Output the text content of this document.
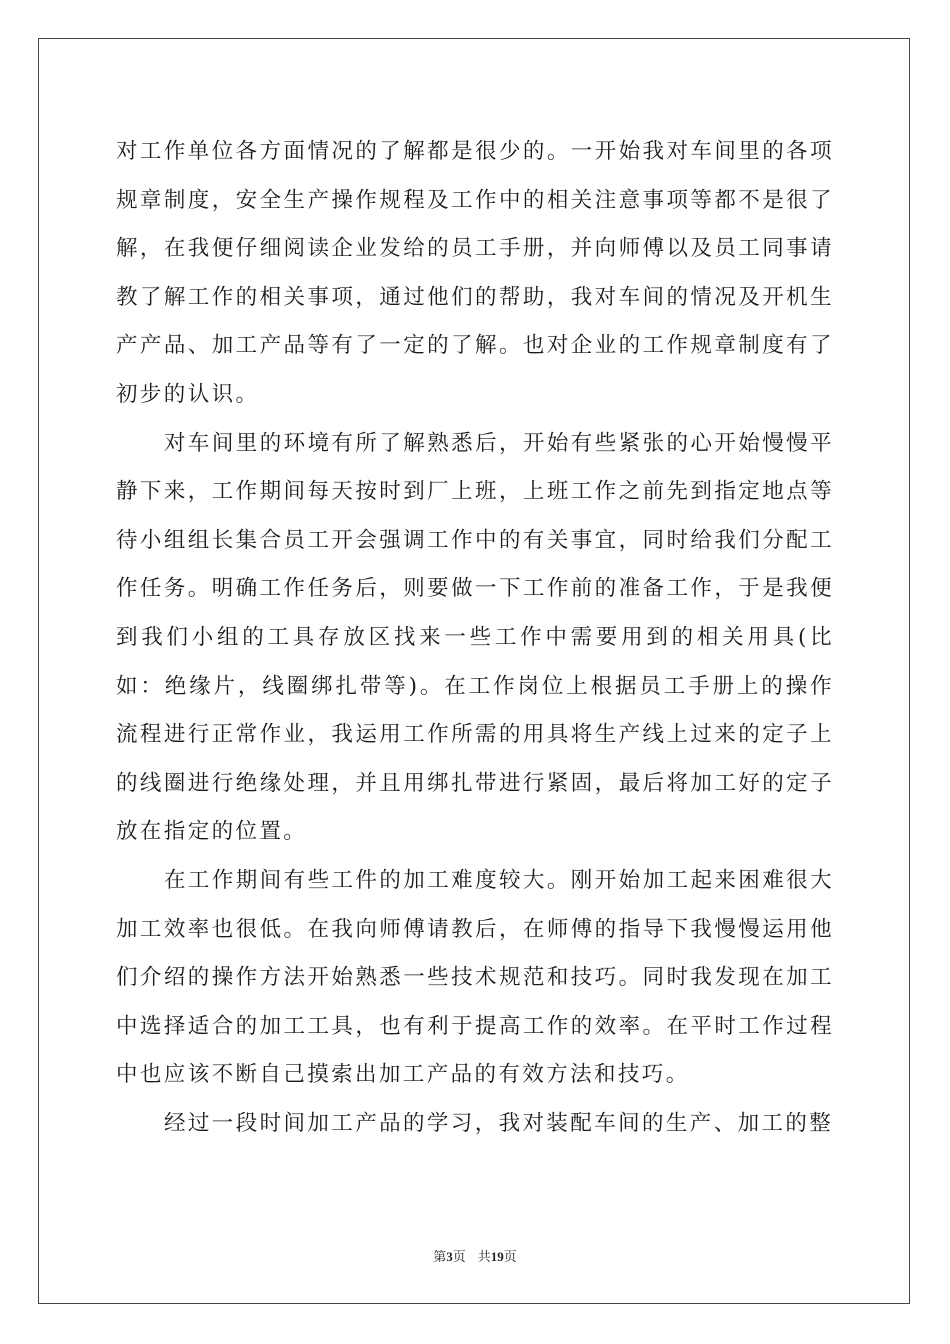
对工作单位各方面情况的了解都是很少的。一开始我对车间里的各项规章制度，安全生产操作规程及工作中的相关注意事项等都不是很了解，在我便仔细阅读企业发给的员工手册，并向师傅以及员工同事请教了解工作的相关事项，通过他们的帮助，我对车间的情况及开机生产产品、加工产品等有了一定的了解。也对企业的工作规章制度有了初步的认识。

对车间里的环境有所了解熟悉后，开始有些紧张的心开始慢慢平静下来，工作期间每天按时到厂上班，上班工作之前先到指定地点等待小组组长集合员工开会强调工作中的有关事宜，同时给我们分配工作任务。明确工作任务后，则要做一下工作前的准备工作，于是我便到我们小组的工具存放区找来一些工作中需要用到的相关用具(比如：绝缘片，线圈绑扎带等)。在工作岗位上根据员工手册上的操作流程进行正常作业，我运用工作所需的用具将生产线上过来的定子上的线圈进行绝缘处理，并且用绑扎带进行紧固，最后将加工好的定子放在指定的位置。

在工作期间有些工件的加工难度较大。刚开始加工起来困难很大加工效率也很低。在我向师傅请教后，在师傅的指导下我慢慢运用他们介绍的操作方法开始熟悉一些技术规范和技巧。同时我发现在加工中选择适合的加工工具，也有利于提高工作的效率。在平时工作过程中也应该不断自己摸索出加工产品的有效方法和技巧。

经过一段时间加工产品的学习，我对装配车间的生产、加工的整

第3页 共19页
